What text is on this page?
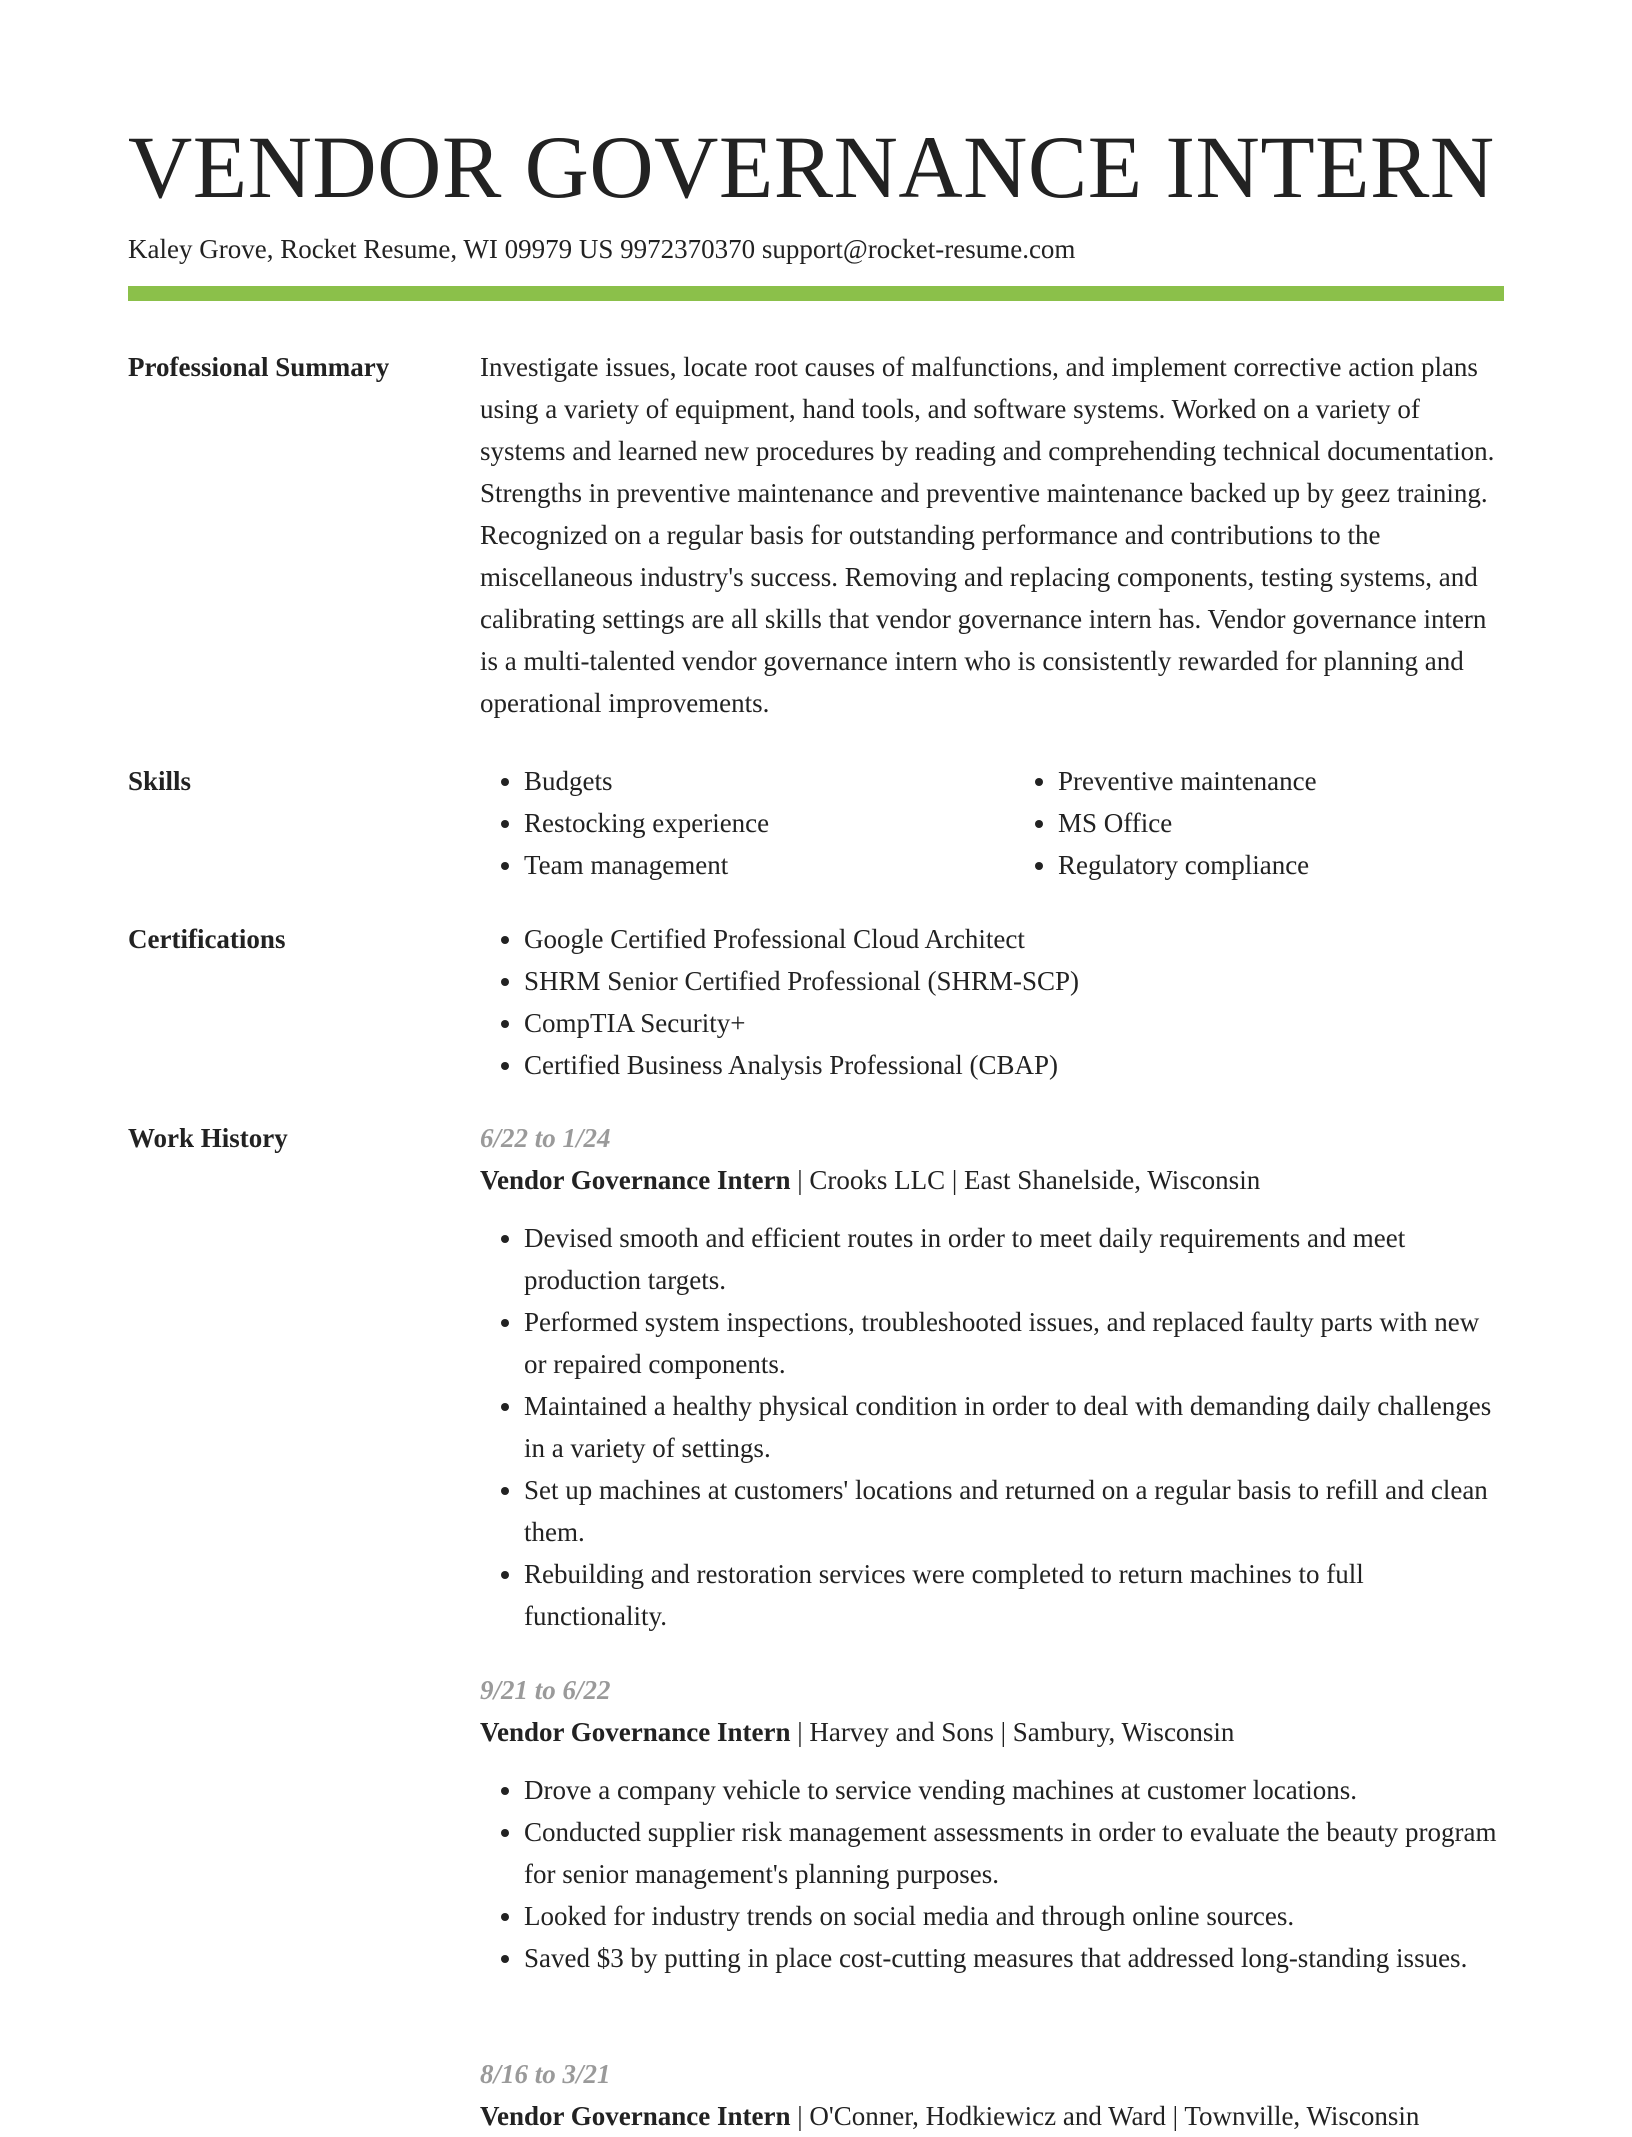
VENDOR GOVERNANCE INTERN
Kaley Grove, Rocket Resume, WI 09979 US 9972370370 support@rocket-resume.com
Professional Summary	Investigate issues, locate root causes of malfunctions, and implement corrective action plans using a variety of equipment, hand tools, and software systems. Worked on a variety of systems and learned new procedures by reading and comprehending technical documentation. Strengths in preventive maintenance and preventive maintenance backed up by geez training. Recognized on a regular basis for outstanding performance and contributions to the miscellaneous industry's success. Removing and replacing components, testing systems, and calibrating settings are all skills that vendor governance intern has. Vendor governance intern is a multi-talented vendor governance intern who is consistently rewarded for planning and operational improvements.

Skills	• Budgets
• Restocking experience
• Team management
• Preventive maintenance
• MS Office
• Regulatory compliance
Certifications	• Google Certified Professional Cloud Architect
• SHRM Senior Certified Professional (SHRM-SCP)
• CompTIA Security+
• Certified Business Analysis Professional (CBAP)
Work History	6/22 to 1/24
Vendor Governance Intern | Crooks LLC | East Shanelside, Wisconsin
• Devised smooth and efficient routes in order to meet daily requirements and meet production targets.
• Performed system inspections, troubleshooted issues, and replaced faulty parts with new or repaired components.
• Maintained a healthy physical condition in order to deal with demanding daily challenges in a variety of settings.
• Set up machines at customers' locations and returned on a regular basis to refill and clean them.
• Rebuilding and restoration services were completed to return machines to full functionality.
9/21 to 6/22
Vendor Governance Intern | Harvey and Sons | Sambury, Wisconsin
• Drove a company vehicle to service vending machines at customer locations.
• Conducted supplier risk management assessments in order to evaluate the beauty program for senior management's planning purposes.
• Looked for industry trends on social media and through online sources.
• Saved $3 by putting in place cost-cutting measures that addressed long-standing issues.
8/16 to 3/21
Vendor Governance Intern | O'Conner, Hodkiewicz and Ward | Townville, Wisconsin
